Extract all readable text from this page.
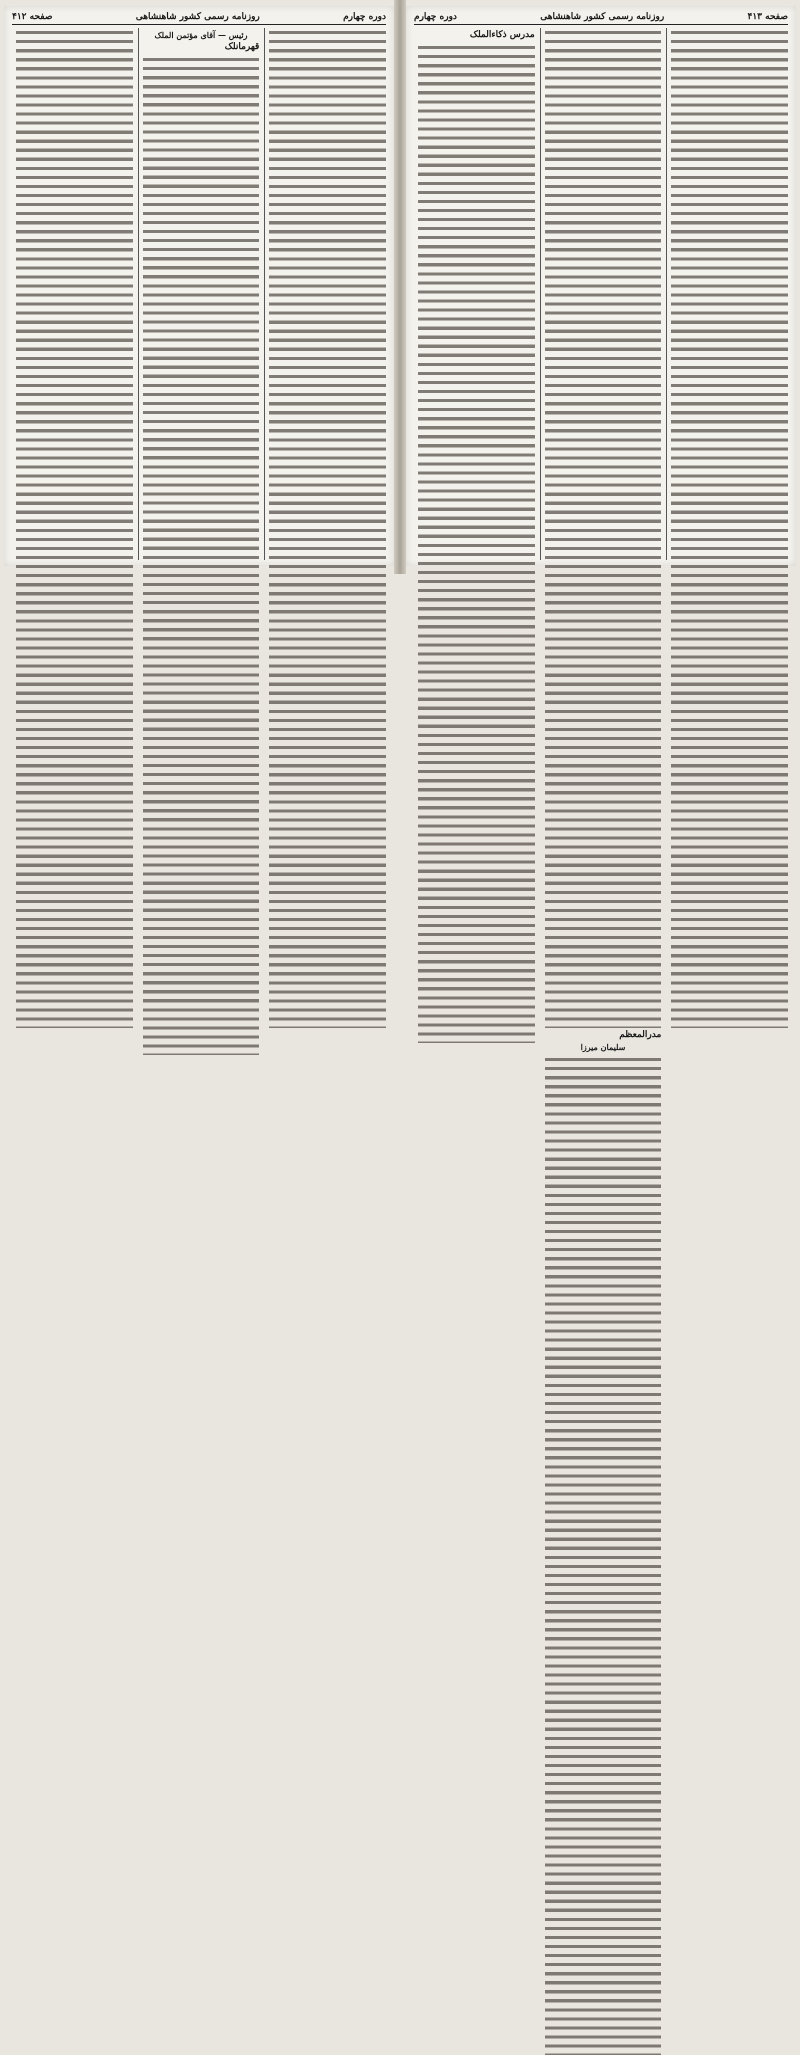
دوره چهارم
روزنامه رسمی کشور شاهنشاهی
صفحه ۴۱۲
رئیس — آقای مؤتمن الملک
قهرمانلک
صفحه ۴۱۳
روزنامه رسمی کشور شاهنشاهی
دوره چهارم
مدرالمعظم
سلیمان میرزا
مدرس ذکاءالملک
